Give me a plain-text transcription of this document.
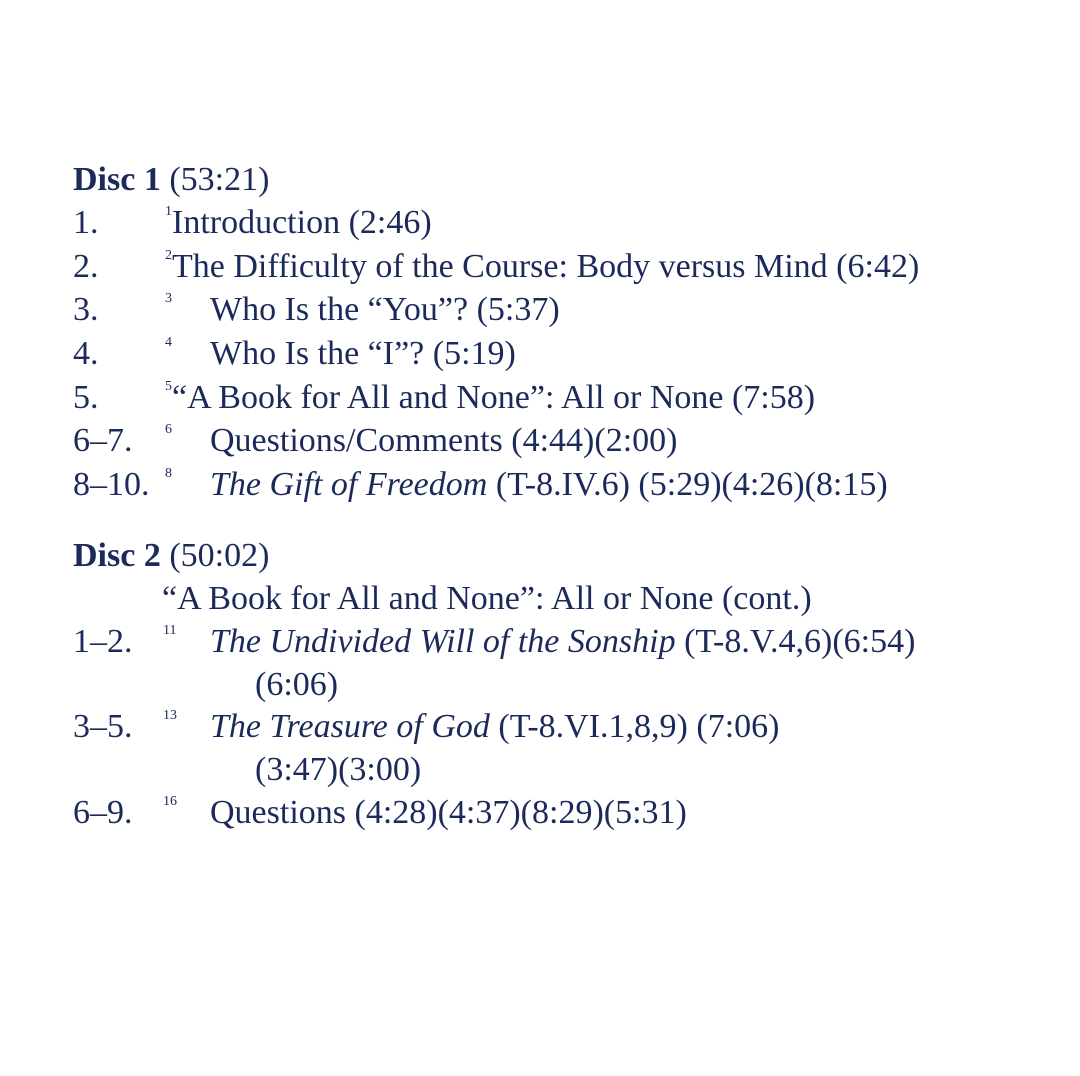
Disc 1 (53:21)
1.	1 Introduction (2:46)
2.	2 The Difficulty of the Course: Body versus Mind (6:42)
3.	3 Who Is the “You”? (5:37)
4.	4 Who Is the “I”? (5:19)
5.	5 “A Book for All and None”: All or None (7:58)
6–7. 6 Questions/Comments (4:44)(2:00)
8–10. 8 The Gift of Freedom (T-8.IV.6) (5:29)(4:26)(8:15)
Disc 2 (50:02)
“A Book for All and None”: All or None (cont.)
1–2. 11 The Undivided Will of the Sonship (T-8.V.4,6)(6:54)
(6:06)
3–5. 13 The Treasure of God (T-8.VI.1,8,9) (7:06)
(3:47)(3:00)
6–9. 16 Questions (4:28)(4:37)(8:29)(5:31)
